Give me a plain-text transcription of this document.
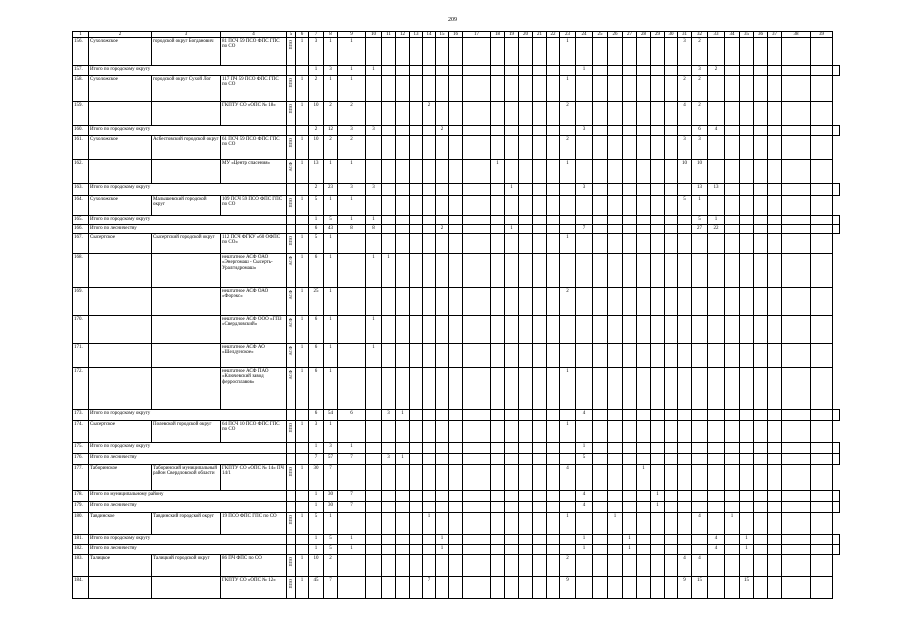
209
1	2	3	4	5	6	7	8	9	10	11	12	13	14	15	16	17	18	19	20	21	22	23	24	25	26	27	28	29	30	31	32	33	34	35	36	37	38	39	
156.	Сухоложское	городской округ Богданович	81 ПСЧ 59 ПСО ФПС ГПС по СО	ППО	1	3	1	1														1								3	2								
157.	Итого по городскому округу					1	3	1	1														1								3	2							
158.	Сухоложское	городской округ Сухой Лог	117 ПЧ 59 ПСО ФПС ГПС по СО	ППО	1	2	1	1														1								2	2								
159.			ГКПТУ СО «ОПС № 18»	ППО	1	10	2	2					2									2								4	2								
160.	Итого по городскому округу					2	12	3	3					2									3								6	4							
161.	Сухоложское	Асбестовский городской округ	61 ПСЧ 59 ПСО ФПС ГПС по СО	ППО	1	10	2	2														2								3	3								
162.			МУ «Центр спасения»	АСФ	1	13	1	1									1					1								10	10								
163.	Итого по городскому округу					2	23	3	3									1					3								13	13							
164.	Сухоложское	Малышевский городской округ	109 ПСЧ 59 ПСО ФПС ГПС по СО	ППО	1	5	1	1																						5	1								
165.	Итого по городскому округу					1	5	1	1																						5	1							
166.	Итого по лесничеству					6	43	8	8					2				1					7								27	22							
167.	Сысертское	Сысертский городской округ	112 ПСЧ ФГКУ «60 ОФПС по СО»	ППО	1	5	1															1																	
168.			нештатное АСФ ОАО «Энергомаш - Сысерть-Уралгидромаш»	АСФ	1	6	1		1	1																													
169.			нештатное АСФ ОАО «Форэкс»	АСФ	1	25	1															2																	
170.			нештатное АСФ ООО «ГПЗ «Свердловский»	АСФ	1	6	1		1																														
171.			нештатное АСФ АО «Шелдунское»	АСФ	1	6	1		1																														
172.			нештатное АСФ ПАО «Ключевский завод ферросплавов»	АСФ	1	6	1															1																	
173.	Итого по городскому округу					6	54	6		3	1												4																
174.	Сысертское	Полевской городской округ	64 ПСЧ 10 ПСО ФПС ГПС по СО	ППО	1	3	1															1																	
175.	Итого по городскому округу					1	3	1															1																
176.	Итого по лесничеству					7	57	7		3	1												5																
177.	Таборинское	Таборинский муниципальный район Свердловской области	ГКПТУ СО «ОПС № 14» ПЧ 14/1	ППО	1	30	7															4					1												
178.	Итого по муниципальному району					1	30	7															4					1											
179.	Итого по лесничеству					1	30	7															4					1											
180.	Тавдинское	Тавдинский городской округ	19 ПСО ФПС ГПС по СО	ППО	1	5	1						1									1			1						4		1						
181.	Итого по городскому округу					1	5	1						1									1			1						4		1					
182.	Итого по лесничеству					1	5	1						1									1			1						4		1					
183.	Талицкое	Талицкий городской округ	86 ПЧ ФПС по СО	ППО	1	10	2															2								4	4								
184.			ГКПТУ СО «ОПС № 12»	ППО	1	45	7						7									9								9	15			15					
